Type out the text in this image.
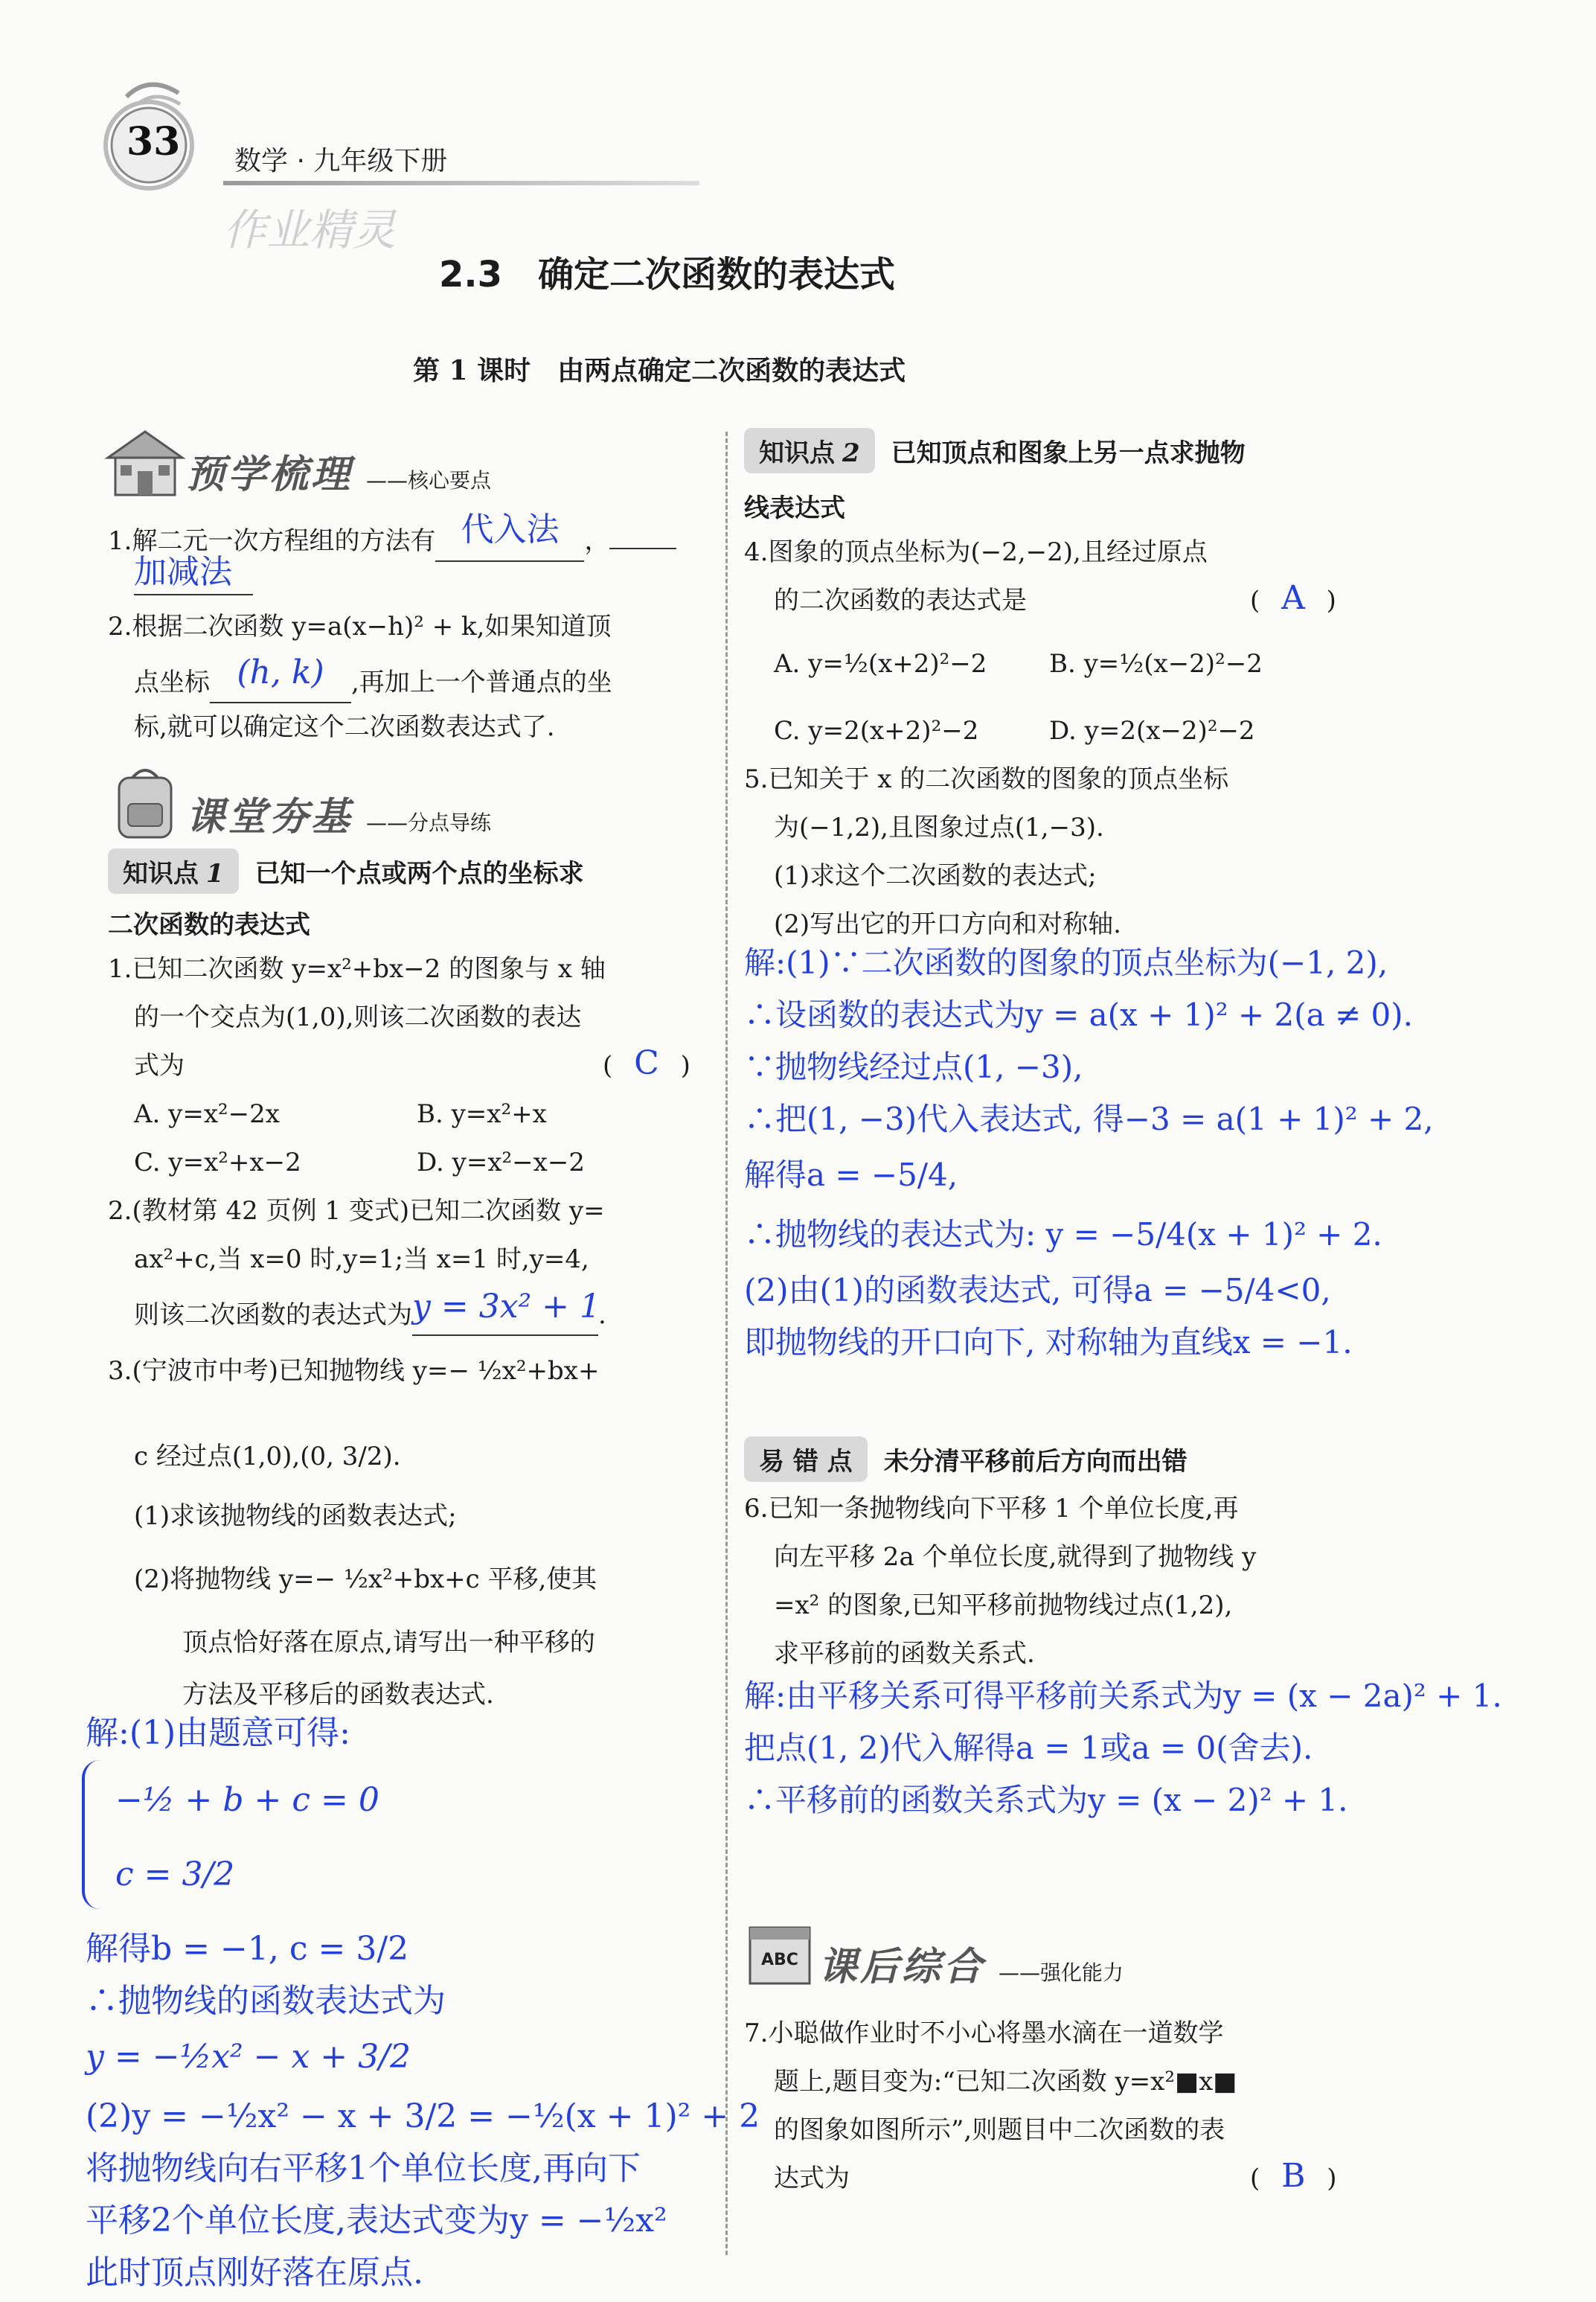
33 数学 · 九年级下册
作业精灵
2.3　确定二次函数的表达式
第 1 课时　由两点确定二次函数的表达式
预学梳理 ——核心要点
1.解二元一次方程组的方法有 代入法 ，
加减法
2.根据二次函数 y=a(x−h)² + k,如果知道顶
点坐标 (h, k) ,再加上一个普通点的坐
标,就可以确定这个二次函数表达式了.
课堂夯基 ——分点导练
知识点 1 已知一个点或两个点的坐标求
二次函数的表达式
1.已知二次函数 y=x²+bx−2 的图象与 x 轴
的一个交点为(1,0),则该二次函数的表达
式为	( C )
A. y=x²−2x	B. y=x²+x
C. y=x²+x−2	D. y=x²−x−2
2.(教材第 42 页例 1 变式)已知二次函数 y=
ax²+c,当 x=0 时,y=1;当 x=1 时,y=4,
则该二次函数的表达式为y = 3x² + 1.
3.(宁波市中考)已知抛物线 y=− ½x²+bx+
c 经过点(1,0),(0, 3/2).
(1)求该抛物线的函数表达式;
(2)将抛物线 y=− ½x²+bx+c 平移,使其
顶点恰好落在原点,请写出一种平移的
方法及平移后的函数表达式.
解:(1)由题意可得:
−½ + b + c = 0
c = 3/2
解得b = −1, c = 3/2
∴抛物线的函数表达式为
y = −½x² − x + 3/2
(2)y = −½x² − x + 3/2 = −½(x + 1)² + 2
将抛物线向右平移1个单位长度,再向下
平移2个单位长度,表达式变为y = −½x²
此时顶点刚好落在原点.
知识点 2 已知顶点和图象上另一点求抛物
线表达式
4.图象的顶点坐标为(−2,−2),且经过原点
的二次函数的表达式是	( A )
A. y=½(x+2)²−2 B. y=½(x−2)²−2
C. y=2(x+2)²−2	D. y=2(x−2)²−2
5.已知关于 x 的二次函数的图象的顶点坐标
为(−1,2),且图象过点(1,−3).
(1)求这个二次函数的表达式;
(2)写出它的开口方向和对称轴.
解:(1)∵二次函数的图象的顶点坐标为(−1, 2),
∴设函数的表达式为y = a(x + 1)² + 2(a ≠ 0).
∵抛物线经过点(1, −3),
∴把(1, −3)代入表达式, 得−3 = a(1 + 1)² + 2,
解得a = −5/4,
∴抛物线的表达式为: y = −5/4(x + 1)² + 2.
(2)由(1)的函数表达式, 可得a = −5/4<0,
即抛物线的开口向下, 对称轴为直线x = −1.
易 错 点 未分清平移前后方向而出错
6.已知一条抛物线向下平移 1 个单位长度,再
向左平移 2a 个单位长度,就得到了抛物线 y
=x² 的图象,已知平移前抛物线过点(1,2),
求平移前的函数关系式.
解:由平移关系可得平移前关系式为y = (x − 2a)² + 1.
把点(1, 2)代入解得a = 1或a = 0(舍去).
∴平移前的函数关系式为y = (x − 2)² + 1.
ABC 课后综合 ——强化能力
7.小聪做作业时不小心将墨水滴在一道数学
题上,题目变为:“已知二次函数 y=x²■x■
的图象如图所示”,则题目中二次函数的表
达式为	( B )
